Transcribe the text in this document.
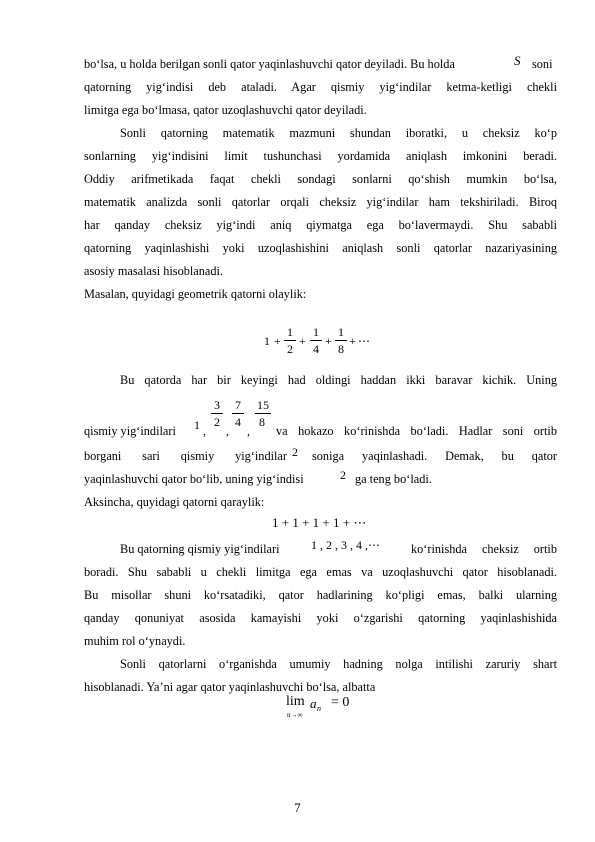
bo‘lsa, u holda berilgan sonli qator yaqinlashuvchi qator deyiladi. Bu holda	S soni
qatorning yig‘indisi deb ataladi. Agar qismiy yig‘indilar ketma-ketligi chekli
limitga ega bo‘lmasa, qator uzoqlashuvchi qator deyiladi.
Sonli qatorning matematik mazmuni shundan iboratki, u cheksiz ko‘p
sonlarning yig‘indisini limit tushunchasi yordamida aniqlash imkonini beradi.
Oddiy arifmetikada faqat chekli sondagi sonlarni qo‘shish mumkin bo‘lsa,
matematik analizda sonli qatorlar orqali cheksiz yig‘indilar ham tekshiriladi. Biroq
har qanday cheksiz yig‘indi aniq qiymatga ega bo‘lavermaydi. Shu sababli
qatorning yaqinlashishi yoki uzoqlashishini aniqlash sonli qatorlar nazariyasining
asosiy masalasi hisoblanadi.
Masalan, quyidagi geometrik qatorni olaylik:
1 +
1
2
+
1
4
+
1
8
+ ⋯
Bu qatorda har bir keyingi had oldingi haddan ikki baravar kichik. Uning
qismiy yig‘indilari 1 ,
3
2
,
7
4
,
15
8
va hokazo ko‘rinishda bo‘ladi. Hadlar soni ortib
borgani sari qismiy yig‘indilar 2 soniga yaqinlashadi. Demak, bu qator
yaqinlashuvchi qator bo‘lib, uning yig‘indisi	2 ga teng bo‘ladi.
Aksincha, quyidagi qatorni qaraylik:
1 + 1 + 1 + 1 + ⋯
Bu qatorning qismiy yig‘indilari	1 , 2 , 3 , 4 ,⋯	ko‘rinishda cheksiz ortib
boradi. Shu sababli u chekli limitga ega emas va uzoqlashuvchi qator hisoblanadi.
Bu misollar shuni ko‘rsatadiki, qator hadlarining ko‘pligi emas, balki ularning
qanday qonuniyat asosida kamayishi yoki o‘zgarishi qatorning yaqinlashishida
muhim rol o‘ynaydi.
Sonli qatorlarni o‘rganishda umumiy hadning nolga intilishi zaruriy shart
hisoblanadi. Ya’ni agar qator yaqinlashuvchi bo‘lsa, albatta
lim
n→∞
a n = 0
7
